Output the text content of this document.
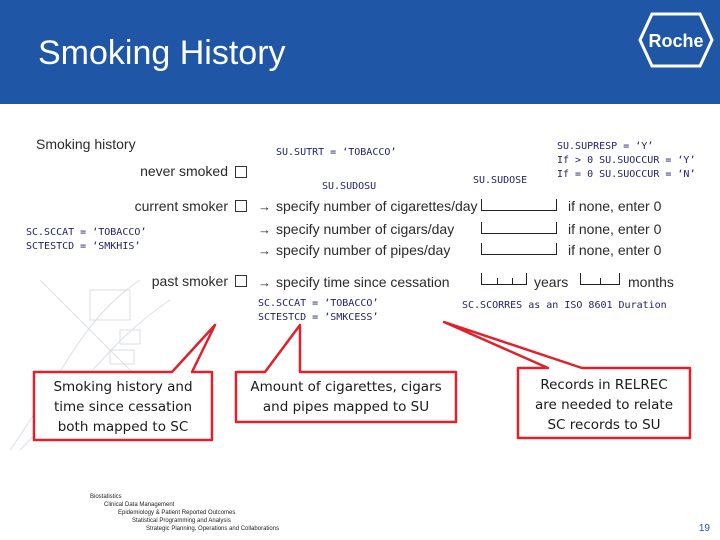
Smoking History	Roche
Smoking history
never smoked
current smoker
past smoker
→ specify number of cigarettes/day	if none, enter 0
→ specify number of cigars/day	if none, enter 0
→ specify number of pipes/day	if none, enter 0
→ specify time since cessation	years	months
SU.SUTRT = ‘TOBACCO’
SU.SUDOSU
SU.SUDOSE
SU.SUPRESP = ‘Y’
If > 0 SU.SUOCCUR = ‘Y’
If = 0 SU.SUOCCUR = ‘N’
SC.SCCAT = ‘TOBACCO’
SCTESTCD = ‘SMKHIS’
SC.SCCAT = ‘TOBACCO’
SCTESTCD = ‘SMKCESS’
SC.SCORRES as an ISO 8601 Duration
Smoking history and
time since cessation
both mapped to SC
Amount of cigarettes, cigars
and pipes mapped to SU
Records in RELREC
are needed to relate
SC records to SU
Biostatistics
Clinical Data Management
Epidemiology & Patient Reported Outcomes
Statistical Programming and Analysis
Strategic Planning, Operations and Collaborations	19
